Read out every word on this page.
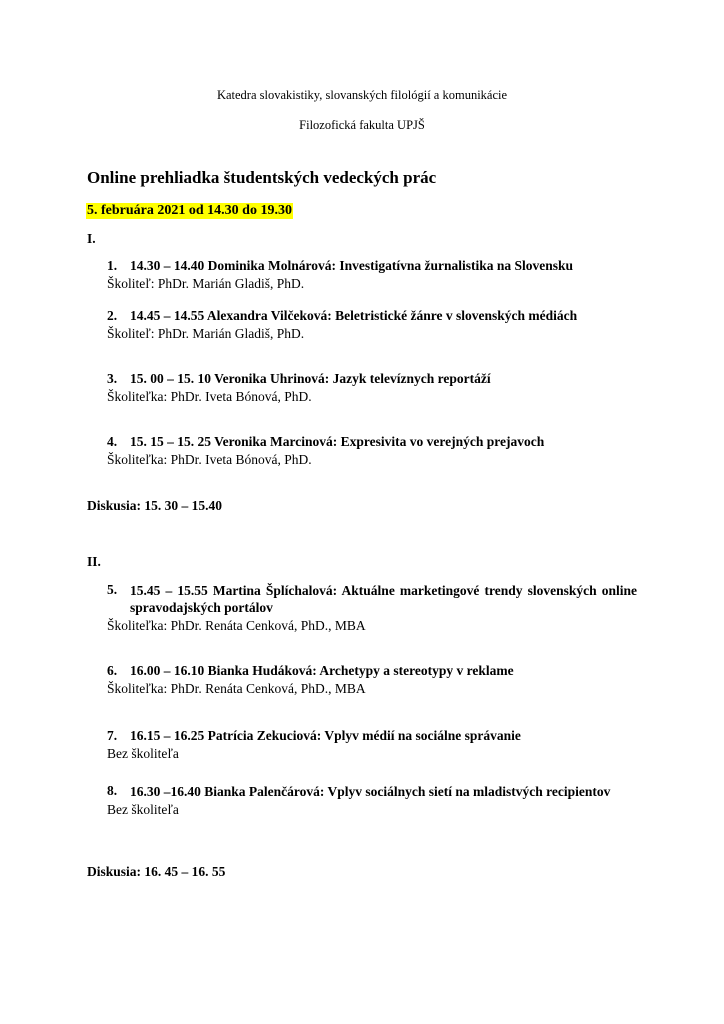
Katedra slovakistiky, slovanských filológií a komunikácie
Filozofická fakulta UPJŠ
Online prehliadka študentských vedeckých prác
5. februára 2021 od 14.30 do 19.30
I.
1. 14.30 – 14.40 Dominika Molnárová: Investigatívna žurnalistika na Slovensku
Školiteľ: PhDr. Marián Gladiš, PhD.
2. 14.45 – 14.55 Alexandra Vilčeková: Beletristické žánre v slovenských médiách
Školiteľ: PhDr. Marián Gladiš, PhD.
3. 15. 00 – 15. 10 Veronika Uhrinová: Jazyk televíznych reportáží
Školiteľka: PhDr. Iveta Bónová, PhD.
4. 15. 15 – 15. 25 Veronika Marcinová: Expresivita vo verejných prejavoch
Školiteľka: PhDr. Iveta Bónová, PhD.
Diskusia: 15. 30 – 15.40
II.
5. 15.45 – 15.55 Martina Šplíchalová: Aktuálne marketingové trendy slovenských online spravodajských portálov
Školiteľka: PhDr. Renáta Cenková, PhD., MBA
6. 16.00 – 16.10 Bianka Hudáková: Archetypy a stereotypy v reklame
Školiteľka: PhDr. Renáta Cenková, PhD., MBA
7. 16.15 – 16.25 Patrícia Zekuciová: Vplyv médií na sociálne správanie
Bez školiteľa
8. 16.30 –16.40 Bianka Palenčárová: Vplyv sociálnych sietí na mladistvých recipientov
Bez školiteľa
Diskusia: 16. 45 – 16. 55
